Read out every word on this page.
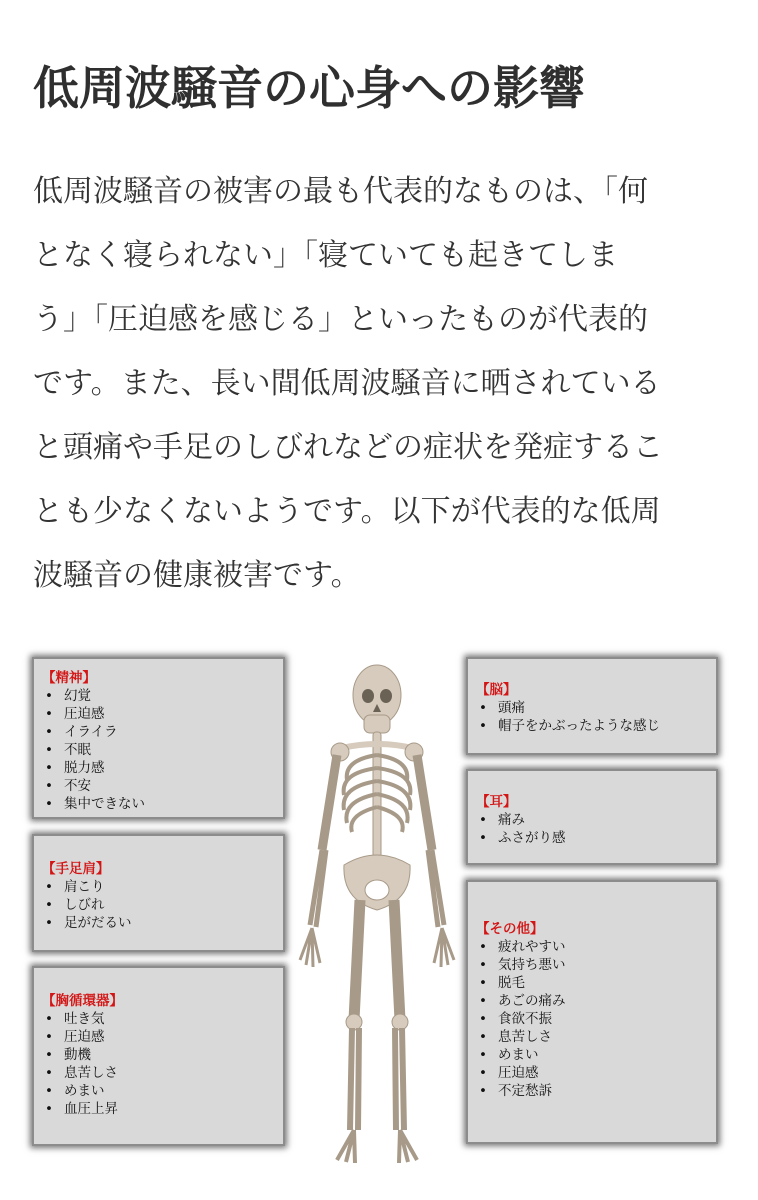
低周波騒音の心身への影響
低周波騒音の被害の最も代表的なものは、「何
となく寝られない」「寝ていても起きてしま
う」「圧迫感を感じる」といったものが代表的
です。また、長い間低周波騒音に晒されている
と頭痛や手足のしびれなどの症状を発症するこ
とも少なくないようです。以下が代表的な低周
波騒音の健康被害です。
【精神】
• 幻覚
• 圧迫感
• イライラ
• 不眠
• 脱力感
• 不安
• 集中できない
【手足肩】
• 肩こり
• しびれ
• 足がだるい
【胸循環器】
• 吐き気
• 圧迫感
• 動機
• 息苦しさ
• めまい
• 血圧上昇
【脳】
• 頭痛
• 帽子をかぶったような感じ
【耳】
• 痛み
• ふさがり感
【その他】
• 疲れやすい
• 気持ち悪い
• 脱毛
• あごの痛み
• 食欲不振
• 息苦しさ
• めまい
• 圧迫感
• 不定愁訴
